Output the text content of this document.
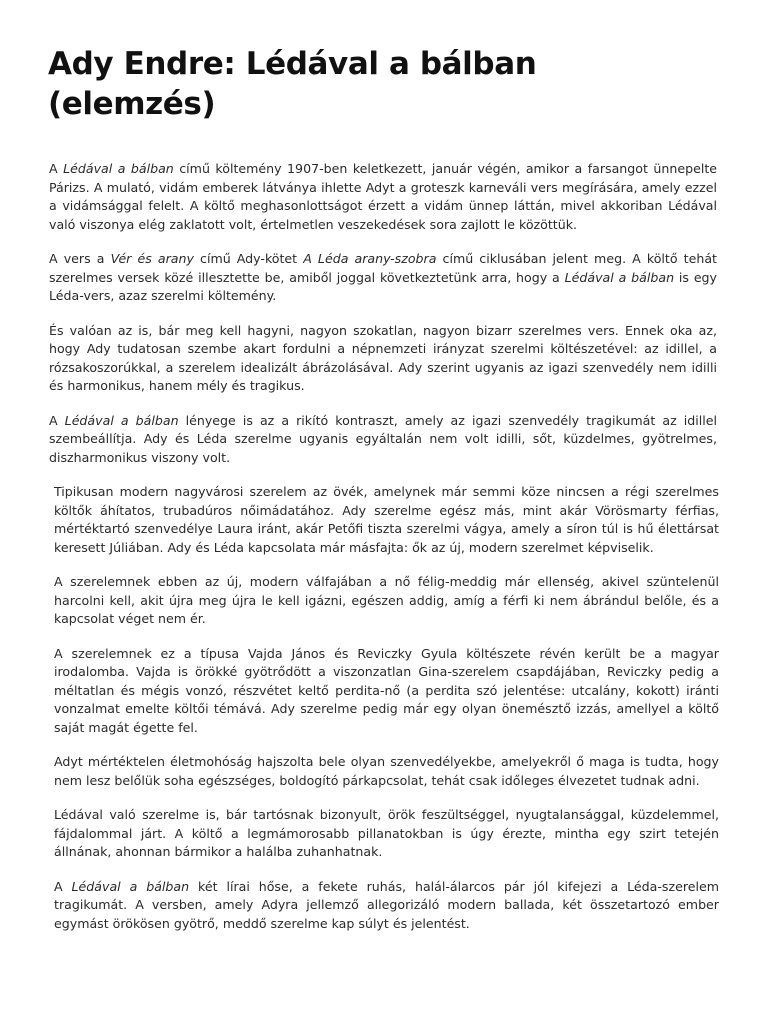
Ady Endre: Lédával a bálban (elemzés)

A Lédával a bálban című költemény 1907-ben keletkezett, január végén, amikor a farsangot ünnepelte Párizs. A mulató, vidám emberek látványa ihlette Adyt a groteszk karneváli vers megírására, amely ezzel a vidámsággal felelt. A költő meghasonlottságot érzett a vidám ünnep láttán, mivel akkoriban Lédával való viszonya elég zaklatott volt, értelmetlen veszekedések sora zajlott le közöttük.

A vers a Vér és arany című Ady-kötet A Léda arany-szobra című ciklusában jelent meg. A költő tehát szerelmes versek közé illesztette be, amiből joggal következtetünk arra, hogy a Lédával a bálban is egy Léda-vers, azaz szerelmi költemény.

És valóan az is, bár meg kell hagyni, nagyon szokatlan, nagyon bizarr szerelmes vers. Ennek oka az, hogy Ady tudatosan szembe akart fordulni a népnemzeti irányzat szerelmi költészetével: az idillel, a rózsakoszorúkkal, a szerelem idealizált ábrázolásával. Ady szerint ugyanis az igazi szenvedély nem idilli és harmonikus, hanem mély és tragikus.

A Lédával a bálban lényege is az a rikító kontraszt, amely az igazi szenvedély tragikumát az idillel szembeállítja. Ady és Léda szerelme ugyanis egyáltalán nem volt idilli, sőt, küzdelmes, gyötrelmes, diszharmonikus viszony volt.

Tipikusan modern nagyvárosi szerelem az övék, amelynek már semmi köze nincsen a régi szerelmes költők áhítatos, trubadúros nőimádatához. Ady szerelme egész más, mint akár Vörösmarty férfias, mértéktartó szenvedélye Laura iránt, akár Petőfi tiszta szerelmi vágya, amely a síron túl is hű élettársat keresett Júliában. Ady és Léda kapcsolata már másfajta: ők az új, modern szerelmet képviselik.

A szerelemnek ebben az új, modern válfajában a nő félig-meddig már ellenség, akivel szüntelenül harcolni kell, akit újra meg újra le kell igázni, egészen addig, amíg a férfi ki nem ábrándul belőle, és a kapcsolat véget nem ér.

A szerelemnek ez a típusa Vajda János és Reviczky Gyula költészete révén került be a magyar irodalomba. Vajda is örökké gyötrődött a viszonzatlan Gina-szerelem csapdájában, Reviczky pedig a méltatlan és mégis vonzó, részvétet keltő perdita-nő (a perdita szó jelentése: utcalány, kokott) iránti vonzalmat emelte költői témává. Ady szerelme pedig már egy olyan önemésztő izzás, amellyel a költő saját magát égette fel.

Adyt mértéktelen életmohóság hajszolta bele olyan szenvedélyekbe, amelyekről ő maga is tudta, hogy nem lesz belőlük soha egészséges, boldogító párkapcsolat, tehát csak időleges élvezetet tudnak adni.

Lédával való szerelme is, bár tartósnak bizonyult, örök feszültséggel, nyugtalansággal, küzdelemmel, fájdalommal járt. A költő a legmámorosabb pillanatokban is úgy érezte, mintha egy szirt tetején állnának, ahonnan bármikor a halálba zuhanhatnak.

A Lédával a bálban két lírai hőse, a fekete ruhás, halál-álarcos pár jól kifejezi a Léda-szerelem tragikumát. A versben, amely Adyra jellemző allegorizáló modern ballada, két összetartozó ember egymást örökösen gyötrő, meddő szerelme kap súlyt és jelentést.
